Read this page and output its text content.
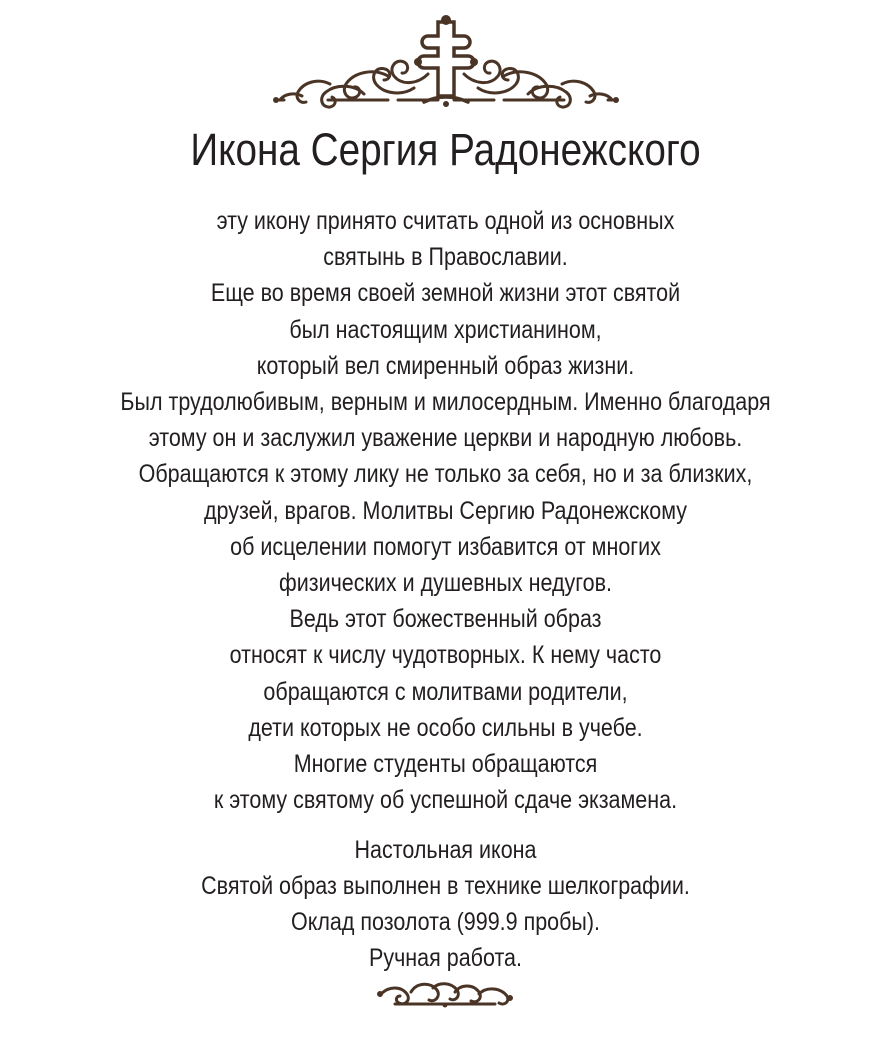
Икона Сергия Радонежского
эту икону принято считать одной из основных
святынь в Православии.
Еще во время своей земной жизни этот святой
был настоящим христианином,
который вел смиренный образ жизни.
Был трудолюбивым, верным и милосердным. Именно благодаря
этому он и заслужил уважение церкви и народную любовь.
Обращаются к этому лику не только за себя, но и за близких,
друзей, врагов. Молитвы Сергию Радонежскому
об исцелении помогут избавится от многих
физических и душевных недугов.
Ведь этот божественный образ
относят к числу чудотворных. К нему часто
обращаются с молитвами родители,
дети которых не особо сильны в учебе.
Многие студенты обращаются
к этому святому об успешной сдаче экзамена.
Настольная икона
Святой образ выполнен в технике шелкографии.
Оклад позолота (999.9 пробы).
Ручная работа.
